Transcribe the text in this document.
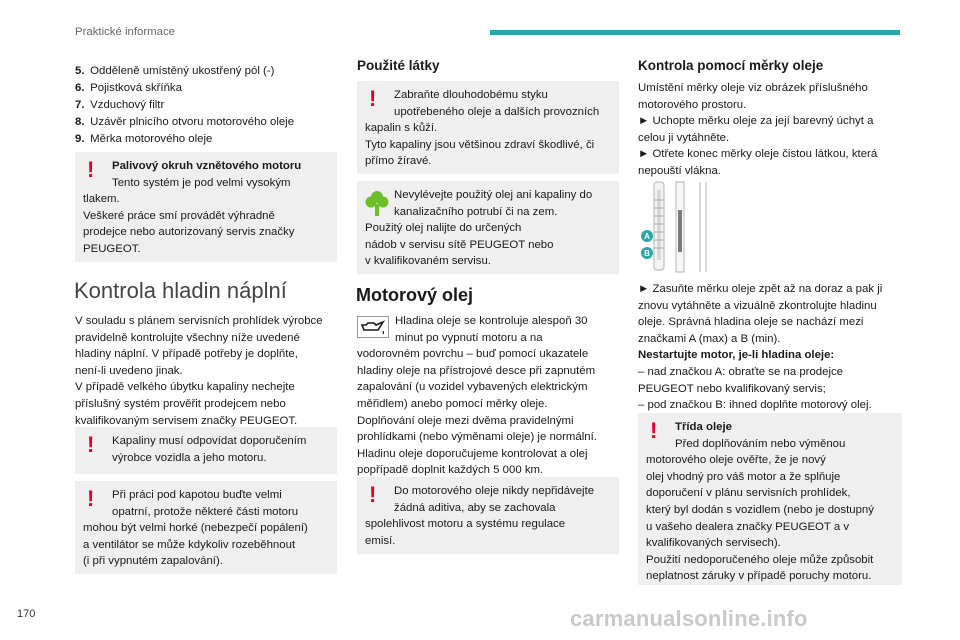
Praktické informace
5. Odděleně umístěný ukostřený pól (-)
6. Pojistková skříňka
7. Vzduchový filtr
8. Uzávěr plnicího otvoru motorového oleje
9. Měrka motorového oleje
!	Palivový okruh vznětového motoru

Tento systém je pod velmi vysokým

tlakem.

Veškeré práce smí provádět výhradně

prodejce nebo autorizovaný servis značky

PEUGEOT.

Kontrola hladin náplní

V souladu s plánem servisních prohlídek výrobce

pravidelně kontrolujte všechny níže uvedené

hladiny náplní. V případě potřeby je doplňte,

není-li uvedeno jinak.

V případě velkého úbytku kapaliny nechejte

příslušný systém prověřit prodejcem nebo

kvalifikovaným servisem značky PEUGEOT.

!	Kapaliny musí odpovídat doporučením

výrobce vozidla a jeho motoru.

!	Při práci pod kapotou buďte velmi

opatrní, protože některé části motoru

mohou být velmi horké (nebezpečí popálení)

a ventilátor se může kdykoliv rozeběhnout

(i při vypnutém zapalování).

Použité látky
!	Zabraňte dlouhodobému styku

upotřebeného oleje a dalších provozních

kapalin s kůží.

Tyto kapaliny jsou většinou zdraví škodlivé, či

přímo žíravé.

Nevylévejte použitý olej ani kapaliny do

kanalizačního potrubí či na zem.

Použitý olej nalijte do určených

nádob v servisu sítě PEUGEOT nebo

v kvalifikovaném servisu.

Motorový olej

Hladina oleje se kontroluje alespoň 30

minut po vypnutí motoru a na

vodorovném povrchu – buď pomocí ukazatele

hladiny oleje na přístrojové desce při zapnutém

zapalování (u vozidel vybavených elektrickým

měřidlem) anebo pomocí měrky oleje.

Doplňování oleje mezi dvěma pravidelnými

prohlídkami (nebo výměnami oleje) je normální.

Hladinu oleje doporučujeme kontrolovat a olej

popřípadě doplnit každých 5 000 km.

!	Do motorového oleje nikdy nepřidávejte

žádná aditiva, aby se zachovala

spolehlivost motoru a systému regulace

emisí.

Kontrola pomocí měrky oleje

Umístění měrky oleje viz obrázek příslušného

motorového prostoru.

► Uchopte měrku oleje za její barevný úchyt a

celou ji vytáhněte.

► Otřete konec měrky oleje čistou látkou, která

nepouští vlákna.

A
B

► Zasuňte měrku oleje zpět až na doraz a pak ji

znovu vytáhněte a vizuálně zkontrolujte hladinu

oleje. Správná hladina oleje se nachází mezi

značkami A (max) a B (min).

Nestartujte motor, je-li hladina oleje:

– nad značkou A: obraťte se na prodejce

PEUGEOT nebo kvalifikovaný servis;

– pod značkou B: ihned doplňte motorový olej.

!	Třída oleje

Před doplňováním nebo výměnou

motorového oleje ověřte, že je nový

olej vhodný pro váš motor a že splňuje

doporučení v plánu servisních prohlídek,

který byl dodán s vozidlem (nebo je dostupný

u vašeho dealera značky PEUGEOT a v

kvalifikovaných servisech).

Použití nedoporučeného oleje může způsobit

neplatnost záruky v případě poruchy motoru.

170	carmanualsonline.info
